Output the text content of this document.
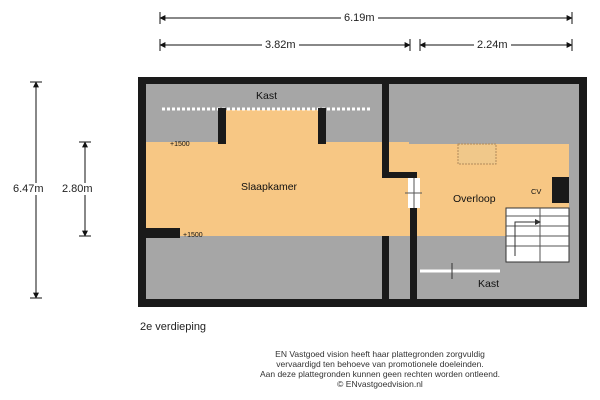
6.19m
3.82m	2.24m
6.47m 2.80m
Kast
Slaapkamer
Overloop
Kast
CV
+1500
+1500
2e verdieping
EN Vastgoed vision heeft haar plattegronden zorgvuldig
vervaardigd ten behoeve van promotionele doeleinden.
Aan deze plattegronden kunnen geen rechten worden ontleend.
© ENvastgoedvision.nl
